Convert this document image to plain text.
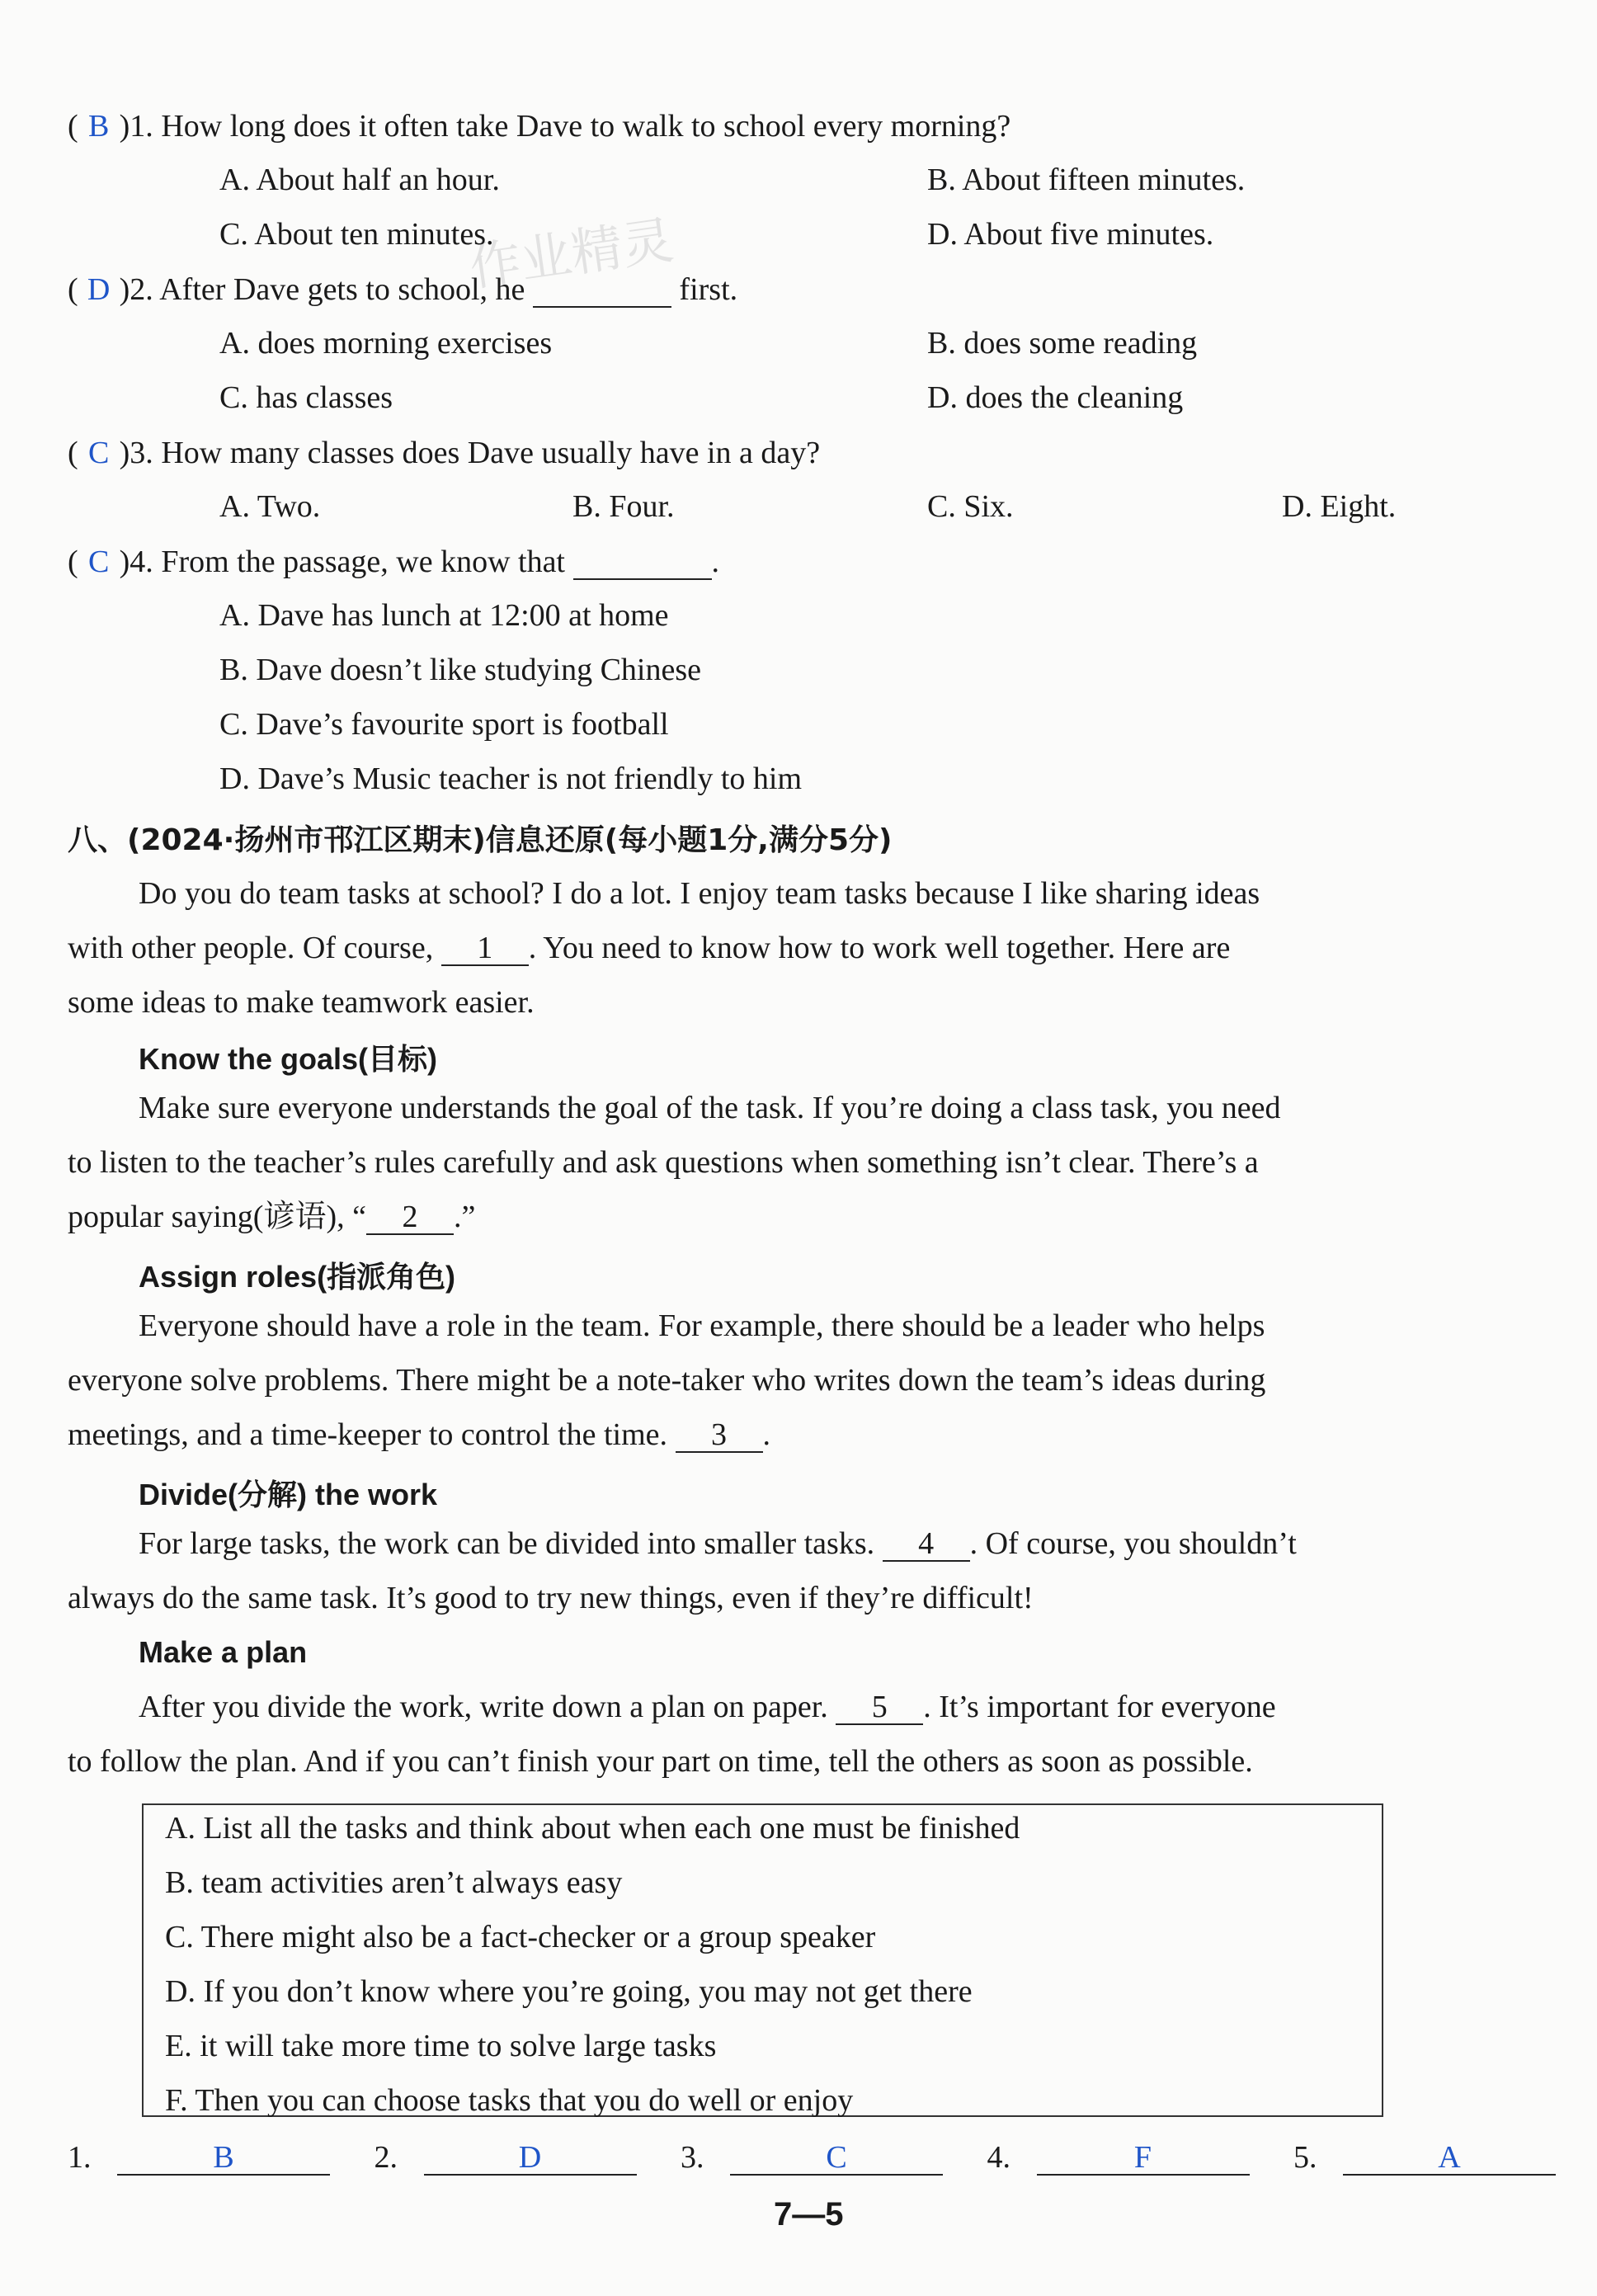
作业精灵
( B )1. How long does it often take Dave to walk to school every morning?
A. About half an hour.	B. About fifteen minutes.
C. About ten minutes.	D. About five minutes.
( D )2. After Dave gets to school, he	first.
A. does morning exercises	B. does some reading
C. has classes	D. does the cleaning
( C )3. How many classes does Dave usually have in a day?
A. Two.	B. Four.	C. Six.	D. Eight.
( C )4. From the passage, we know that	.
A. Dave has lunch at 12:00 at home
B. Dave doesn’t like studying Chinese
C. Dave’s favourite sport is football
D. Dave’s Music teacher is not friendly to him
八、(2024·扬州市邗江区期末)信息还原(每小题1分,满分5分)
Do you do team tasks at school? I do a lot. I enjoy team tasks because I like sharing ideas
with other people. Of course, 1 . You need to know how to work well together. Here are
some ideas to make teamwork easier.
Know the goals(目标)
Make sure everyone understands the goal of the task. If you’re doing a class task, you need
to listen to the teacher’s rules carefully and ask questions when something isn’t clear. There’s a
popular saying(谚语), “ 2 .”
Assign roles(指派角色)
Everyone should have a role in the team. For example, there should be a leader who helps
everyone solve problems. There might be a note-taker who writes down the team’s ideas during
meetings, and a time-keeper to control the time. 3 .
Divide(分解) the work
For large tasks, the work can be divided into smaller tasks. 4 . Of course, you shouldn’t
always do the same task. It’s good to try new things, even if they’re difficult!
Make a plan
After you divide the work, write down a plan on paper. 5 . It’s important for everyone
to follow the plan. And if you can’t finish your part on time, tell the others as soon as possible.
A. List all the tasks and think about when each one must be finished
B. team activities aren’t always easy
C. There might also be a fact-checker or a group speaker
D. If you don’t know where you’re going, you may not get there
E. it will take more time to solve large tasks
F. Then you can choose tasks that you do well or enjoy
1.	B	2.	D	3.	C	4.	F	5.	A
7—5
